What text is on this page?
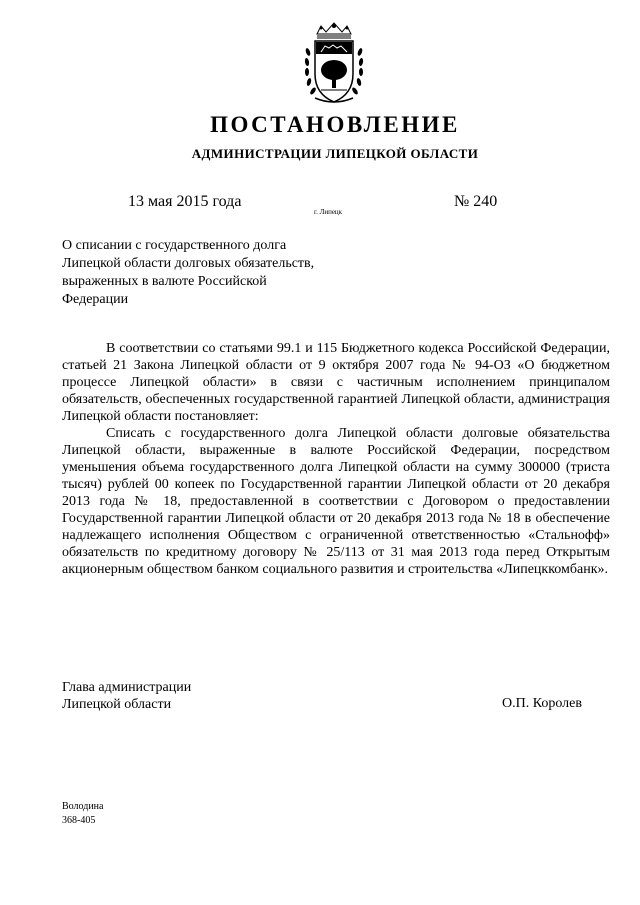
ПОСТАНОВЛЕНИЕ
АДМИНИСТРАЦИИ ЛИПЕЦКОЙ ОБЛАСТИ
13 мая 2015 года
г. Липецк
№ 240
О списании с государственного долга
Липецкой области долговых обязательств,
выраженных в валюте Российской
Федерации

В соответствии со статьями 99.1 и 115 Бюджетного кодекса Российской Федерации, статьей 21 Закона Липецкой области от 9 октября 2007 года № 94-ОЗ «О бюджетном процессе Липецкой области» в связи с частичным исполнением принципалом обязательств, обеспеченных государственной гарантией Липецкой области, администрация Липецкой области постановляет:

Списать с государственного долга Липецкой области долговые обязательства Липецкой области, выраженные в валюте Российской Федерации, посредством уменьшения объема государственного долга Липецкой области на сумму 300000 (триста тысяч) рублей 00 копеек по Государственной гарантии Липецкой области от 20 декабря 2013 года № 18, предоставленной в соответствии с Договором о предоставлении Государственной гарантии Липецкой области от 20 декабря 2013 года № 18 в обеспечение надлежащего исполнения Обществом с ограниченной ответственностью «Стальнофф» обязательств по кредитному договору № 25/113 от 31 мая 2013 года перед Открытым акционерным обществом банком социального развития и строительства «Липецккомбанк».

Глава администрации
Липецкой области	О.П. Королев
Володина
368-405
